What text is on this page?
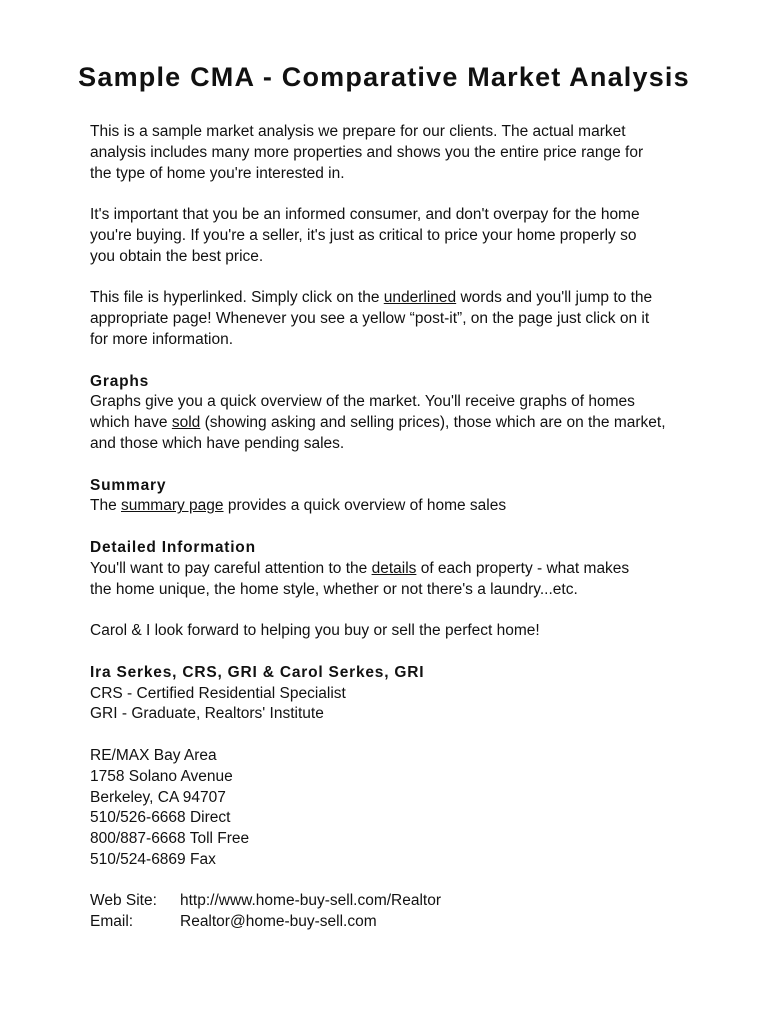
Sample CMA - Comparative Market Analysis

This is a sample market analysis we prepare for our clients. The actual market
analysis includes many more properties and shows you the entire price range for
the type of home you're interested in.

It's important that you be an informed consumer, and don't overpay for the home
you're buying. If you're a seller, it's just as critical to price your home properly so
you obtain the best price.

This file is hyperlinked. Simply click on the underlined words and you'll jump to the
appropriate page! Whenever you see a yellow “post-it”, on the page just click on it
for more information.

Graphs
Graphs give you a quick overview of the market. You'll receive graphs of homes
which have sold (showing asking and selling prices), those which are on the market,
and those which have pending sales.

Summary
The summary page provides a quick overview of home sales

Detailed Information
You'll want to pay careful attention to the details of each property - what makes
the home unique, the home style, whether or not there's a laundry...etc.

Carol & I look forward to helping you buy or sell the perfect home!

Ira Serkes, CRS, GRI & Carol Serkes, GRI
CRS - Certified Residential Specialist
GRI - Graduate, Realtors' Institute

RE/MAX Bay Area
1758 Solano Avenue
Berkeley, CA 94707
510/526-6668 Direct
800/887-6668 Toll Free
510/524-6869 Fax

Web Site: http://www.home-buy-sell.com/Realtor
Email:	Realtor@home-buy-sell.com
